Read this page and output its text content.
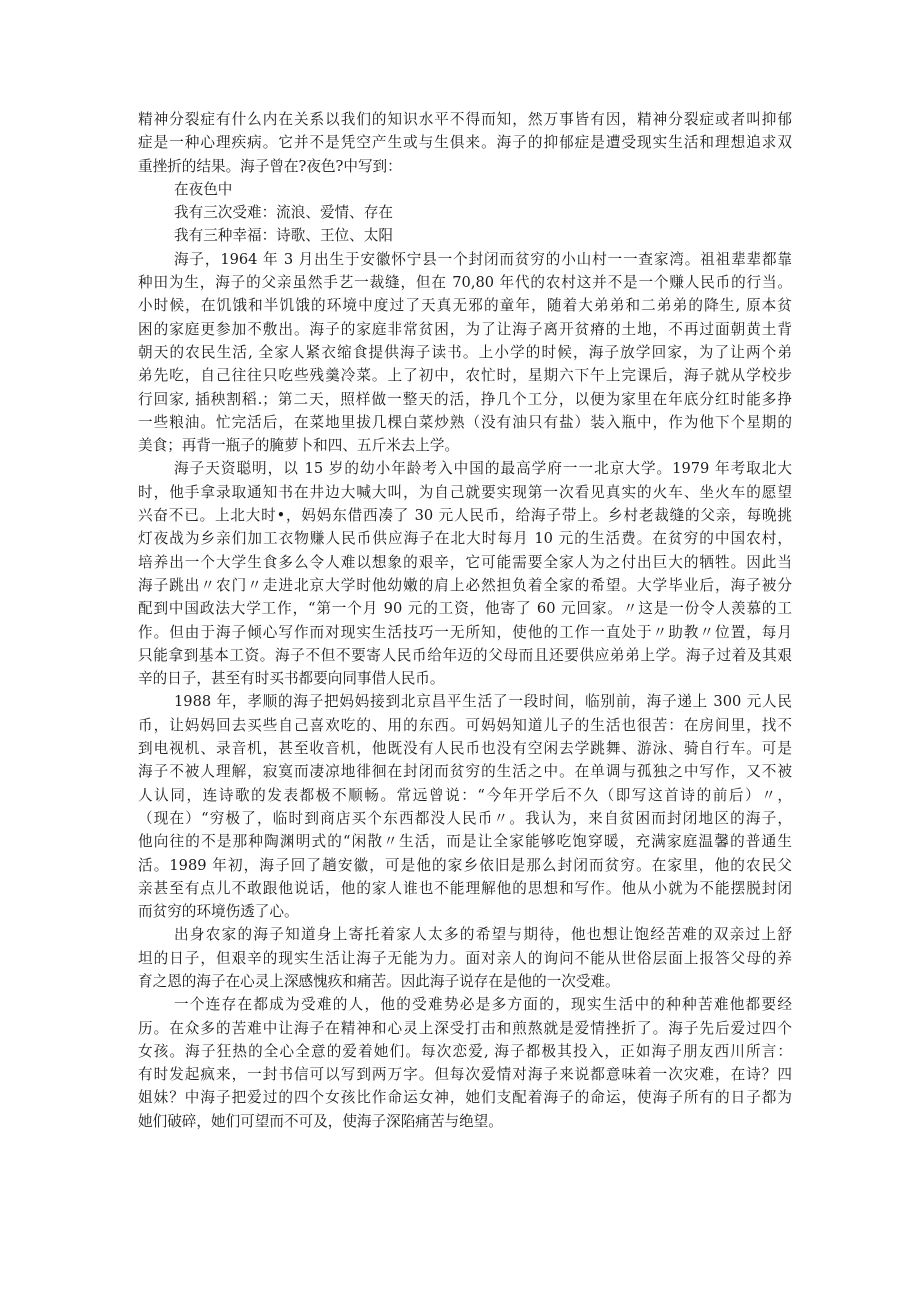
精神分裂症有什么内在关系以我们的知识水平不得而知，然万事皆有因，精神分裂症或者叫抑郁
症是一种心理疾病。它并不是凭空产生或与生俱来。海子的抑郁症是遭受现实生活和理想追求双
重挫折的结果。海子曾在?夜色?中写到：
在夜色中
我有三次受难：流浪、爱情、存在
我有三种幸福：诗歌、王位、太阳
海子，1964 年 3 月出生于安徽怀宁县一个封闭而贫穷的小山村一一查家湾。祖祖辈辈都靠
种田为生，海子的父亲虽然手艺一裁缝，但在 70,80 年代的农村这并不是一个赚人民币的行当。
小时候，在饥饿和半饥饿的环境中度过了天真无邪的童年，随着大弟弟和二弟弟的降生, 原本贫
困的家庭更参加不敷出。海子的家庭非常贫困，为了让海子离开贫瘠的土地，不再过面朝黄土背
朝天的农民生活, 全家人紧衣缩食提供海子读书。上小学的时候，海子放学回家，为了让两个弟
弟先吃，自己往往只吃些残羹冷菜。上了初中，农忙时，星期六下午上完课后，海子就从学校步
行回家, 插秧割稻.；第二天，照样做一整天的活，挣几个工分，以便为家里在年底分红时能多挣
一些粮油。忙完活后，在菜地里拔几棵白菜炒熟（没有油只有盐）装入瓶中，作为他下个星期的
美食；再背一瓶子的腌萝卜和四、五斤米去上学。
海子天资聪明，以 15 岁的幼小年龄考入中国的最高学府一一北京大学。1979 年考取北大
时，他手拿录取通知书在井边大喊大叫，为自己就要实现第一次看见真实的火车、坐火车的愿望
兴奋不已。上北大时•，妈妈东借西凑了 30 元人民币，给海子带上。乡村老裁缝的父亲，每晚挑
灯夜战为乡亲们加工衣物赚人民币供应海子在北大时每月 10 元的生活费。在贫穷的中国农村，
培养出一个大学生食多么令人难以想象的艰辛，它可能需要全家人为之付出巨大的牺牲。因此当
海子跳出〃农门〃走进北京大学时他幼嫩的肩上必然担负着全家的希望。大学毕业后，海子被分
配到中国政法大学工作，“第一个月 90 元的工资，他寄了 60 元回家。〃这是一份令人羡慕的工
作。但由于海子倾心写作而对现实生活技巧一无所知，使他的工作一直处于〃助教〃位置，每月
只能拿到基本工资。海子不但不要寄人民币给年迈的父母而且还要供应弟弟上学。海子过着及其艰
辛的日子，甚至有时买书都要向同事借人民币。
1988 年，孝顺的海子把妈妈接到北京昌平生活了一段时间，临别前，海子递上 300 元人民
币，让妈妈回去买些自己喜欢吃的、用的东西。可妈妈知道儿子的生活也很苦：在房间里，找不
到电视机、录音机，甚至收音机，他既没有人民币也没有空闲去学跳舞、游泳、骑自行车。可是
海子不被人理解，寂寞而凄凉地徘徊在封闭而贫穷的生活之中。在单调与孤独之中写作，又不被
人认同，连诗歌的发表都极不顺畅。常远曾说：“今年开学后不久（即写这首诗的前后）〃，
（现在）“穷极了，临时到商店买个东西都没人民币〃。我认为，来自贫困而封闭地区的海子，
他向往的不是那种陶渊明式的“闲散〃生活，而是让全家能够吃饱穿暖，充满家庭温馨的普通生
活。1989 年初，海子回了趟安徽，可是他的家乡依旧是那么封闭而贫穷。在家里，他的农民父
亲甚至有点儿不敢跟他说话，他的家人谁也不能理解他的思想和写作。他从小就为不能摆脱封闭
而贫穷的环境伤透了心。
出身农家的海子知道身上寄托着家人太多的希望与期待，他也想让饱经苦难的双亲过上舒
坦的日子，但艰辛的现实生活让海子无能为力。面对亲人的询问不能从世俗层面上报答父母的养
育之恩的海子在心灵上深感愧疚和痛苦。因此海子说存在是他的一次受难。
一个连存在都成为受难的人，他的受难势必是多方面的，现实生活中的种种苦难他都要经
历。在众多的苦难中让海子在精神和心灵上深受打击和煎熬就是爱情挫折了。海子先后爱过四个
女孩。海子狂热的全心全意的爱着她们。每次恋爱, 海子都极其投入，正如海子朋友西川所言：
有时发起疯来，一封书信可以写到两万字。但每次爱情对海子来说都意味着一次灾难，在诗？四
姐妹？中海子把爱过的四个女孩比作命运女神，她们支配着海子的命运，使海子所有的日子都为
她们破碎，她们可望而不可及，使海子深陷痛苦与绝望。
